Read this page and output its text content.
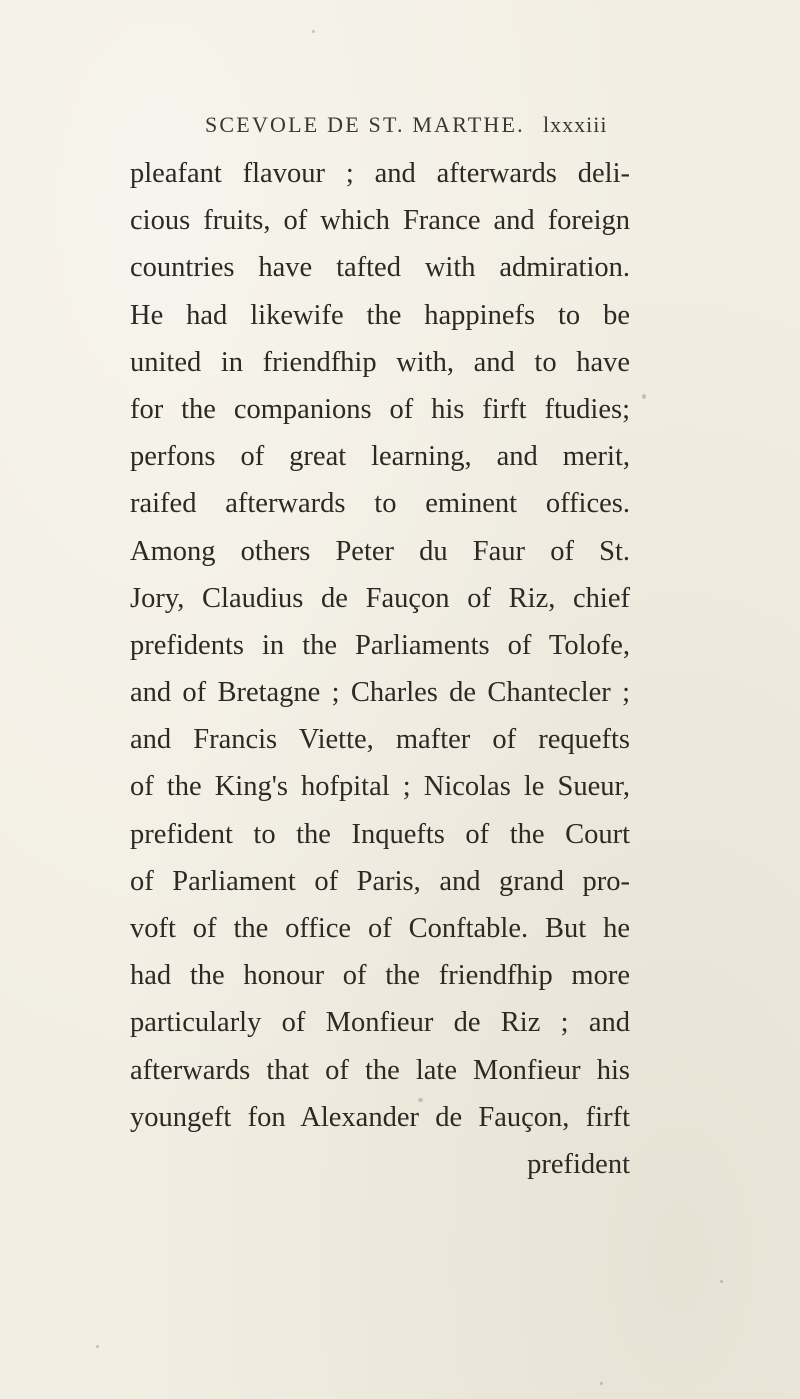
SCEVOLE DE ST. MARTHE. lxxxiii
pleafant flavour ; and afterwards deli-
cious fruits, of which France and foreign
countries have tafted with admiration.
He had likewife the happinefs to be
united in friendfhip with, and to have
for the companions of his firft ftudies;
perfons of great learning, and merit,
raifed afterwards to eminent offices.
Among others Peter du Faur of St.
Jory, Claudius de Fauçon of Riz, chief
prefidents in the Parliaments of Tolofe,
and of Bretagne ; Charles de Chantecler ;
and Francis Viette, mafter of requefts
of the King's hofpital ; Nicolas le Sueur,
prefident to the Inquefts of the Court
of Parliament of Paris, and grand pro-
voft of the office of Conftable. But he
had the honour of the friendfhip more
particularly of Monfieur de Riz ; and
afterwards that of the late Monfieur his
youngeft fon Alexander de Fauçon, firft
prefident
